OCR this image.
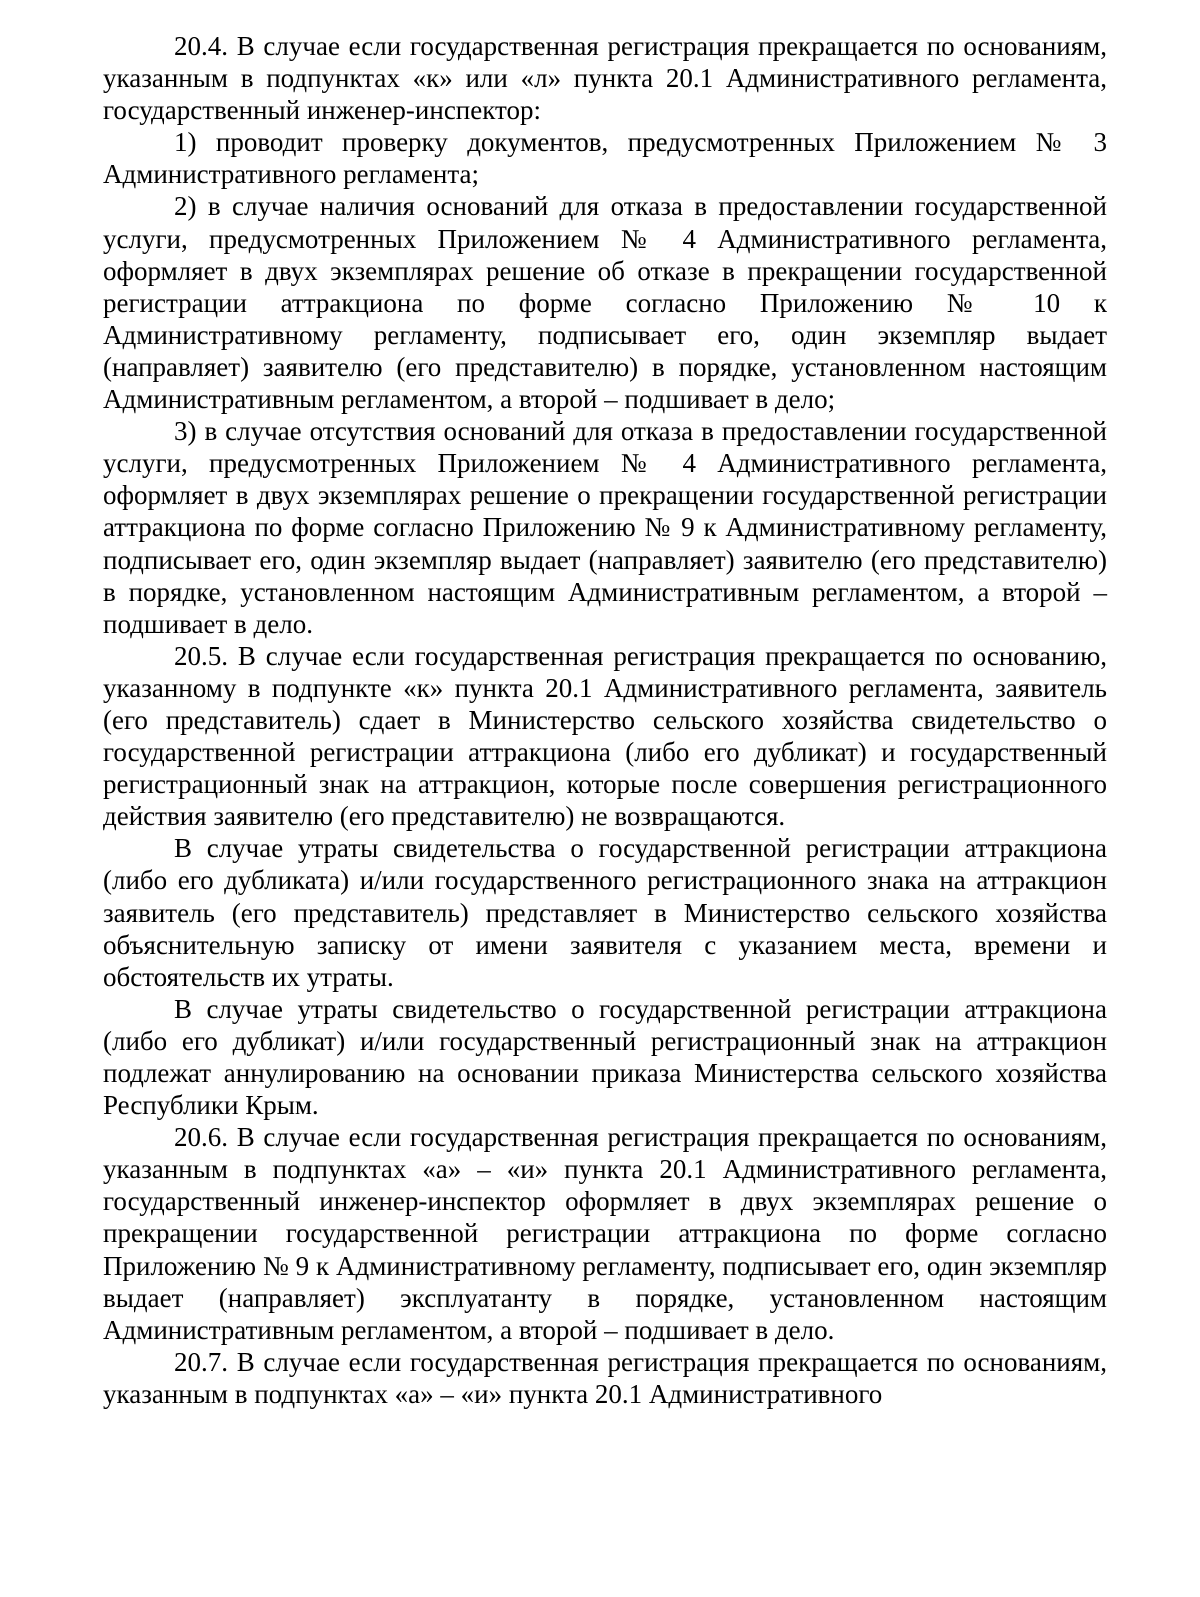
20.4. В случае если государственная регистрация прекращается по основаниям, указанным в подпунктах «к» или «л» пункта 20.1 Административного регламента, государственный инженер-инспектор:

1) проводит проверку документов, предусмотренных Приложением № 3 Административного регламента;

2) в случае наличия оснований для отказа в предоставлении государственной услуги, предусмотренных Приложением № 4 Административного регламента, оформляет в двух экземплярах решение об отказе в прекращении государственной регистрации аттракциона по форме согласно Приложению № 10 к Административному регламенту, подписывает его, один экземпляр выдает (направляет) заявителю (его представителю) в порядке, установленном настоящим Административным регламентом, а второй – подшивает в дело;

3) в случае отсутствия оснований для отказа в предоставлении государственной услуги, предусмотренных Приложением № 4 Административного регламента, оформляет в двух экземплярах решение о прекращении государственной регистрации аттракциона по форме согласно Приложению № 9 к Административному регламенту, подписывает его, один экземпляр выдает (направляет) заявителю (его представителю) в порядке, установленном настоящим Административным регламентом, а второй – подшивает в дело.

20.5. В случае если государственная регистрация прекращается по основанию, указанному в подпункте «к» пункта 20.1 Административного регламента, заявитель (его представитель) сдает в Министерство сельского хозяйства свидетельство о государственной регистрации аттракциона (либо его дубликат) и государственный регистрационный знак на аттракцион, которые после совершения регистрационного действия заявителю (его представителю) не возвращаются.

В случае утраты свидетельства о государственной регистрации аттракциона (либо его дубликата) и/или государственного регистрационного знака на аттракцион заявитель (его представитель) представляет в Министерство сельского хозяйства объяснительную записку от имени заявителя с указанием места, времени и обстоятельств их утраты.

В случае утраты свидетельство о государственной регистрации аттракциона (либо его дубликат) и/или государственный регистрационный знак на аттракцион подлежат аннулированию на основании приказа Министерства сельского хозяйства Республики Крым.

20.6. В случае если государственная регистрация прекращается по основаниям, указанным в подпунктах «а» – «и» пункта 20.1 Административного регламента, государственный инженер-инспектор оформляет в двух экземплярах решение о прекращении государственной регистрации аттракциона по форме согласно Приложению № 9 к Административному регламенту, подписывает его, один экземпляр выдает (направляет) эксплуатанту в порядке, установленном настоящим Административным регламентом, а второй – подшивает в дело.

20.7. В случае если государственная регистрация прекращается по основаниям, указанным в подпунктах «а» – «и» пункта 20.1 Административного
